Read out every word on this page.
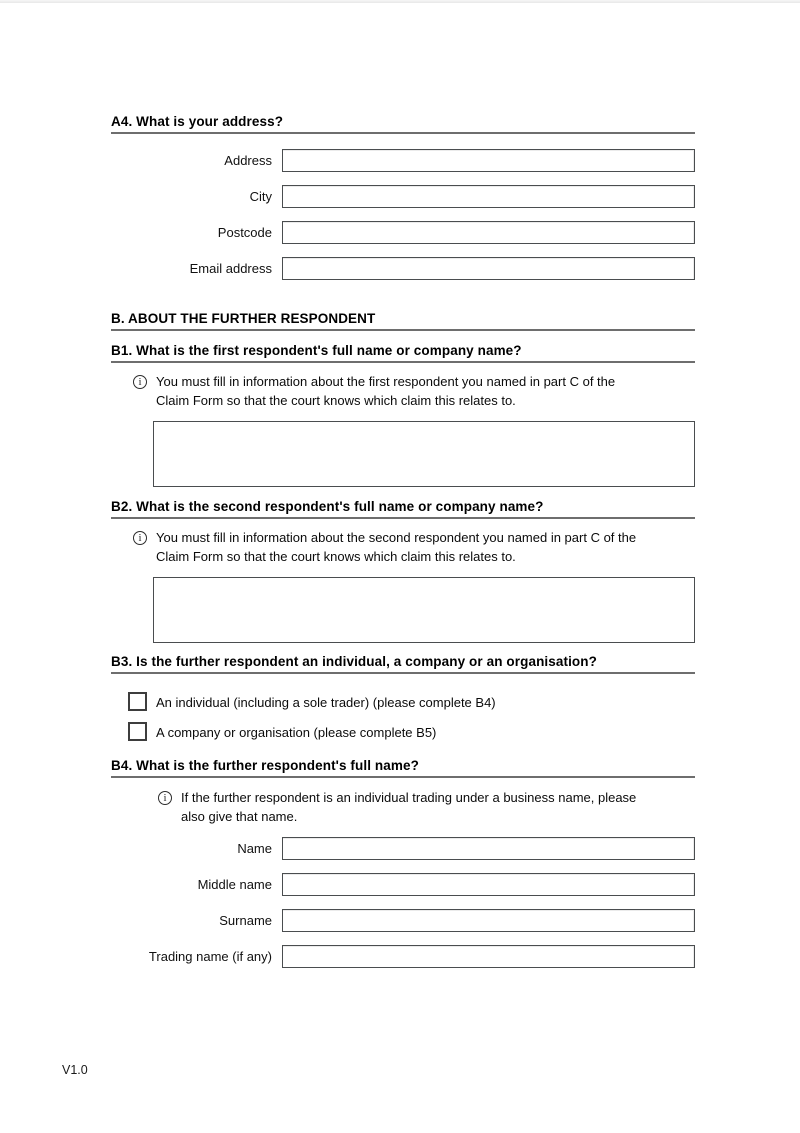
A4. What is your address?
Address
City
Postcode
Email address
B. ABOUT THE FURTHER RESPONDENT
B1. What is the first respondent's full name or company name?
i	You must fill in information about the first respondent you named in part C of the
Claim Form so that the court knows which claim this relates to.
B2. What is the second respondent's full name or company name?
i	You must fill in information about the second respondent you named in part C of the
Claim Form so that the court knows which claim this relates to.
B3. Is the further respondent an individual, a company or an organisation?
An individual (including a sole trader) (please complete B4)
A company or organisation (please complete B5)
B4. What is the further respondent's full name?
i	If the further respondent is an individual trading under a business name, please
also give that name.
Name
Middle name
Surname
Trading name (if any)
V1.0
